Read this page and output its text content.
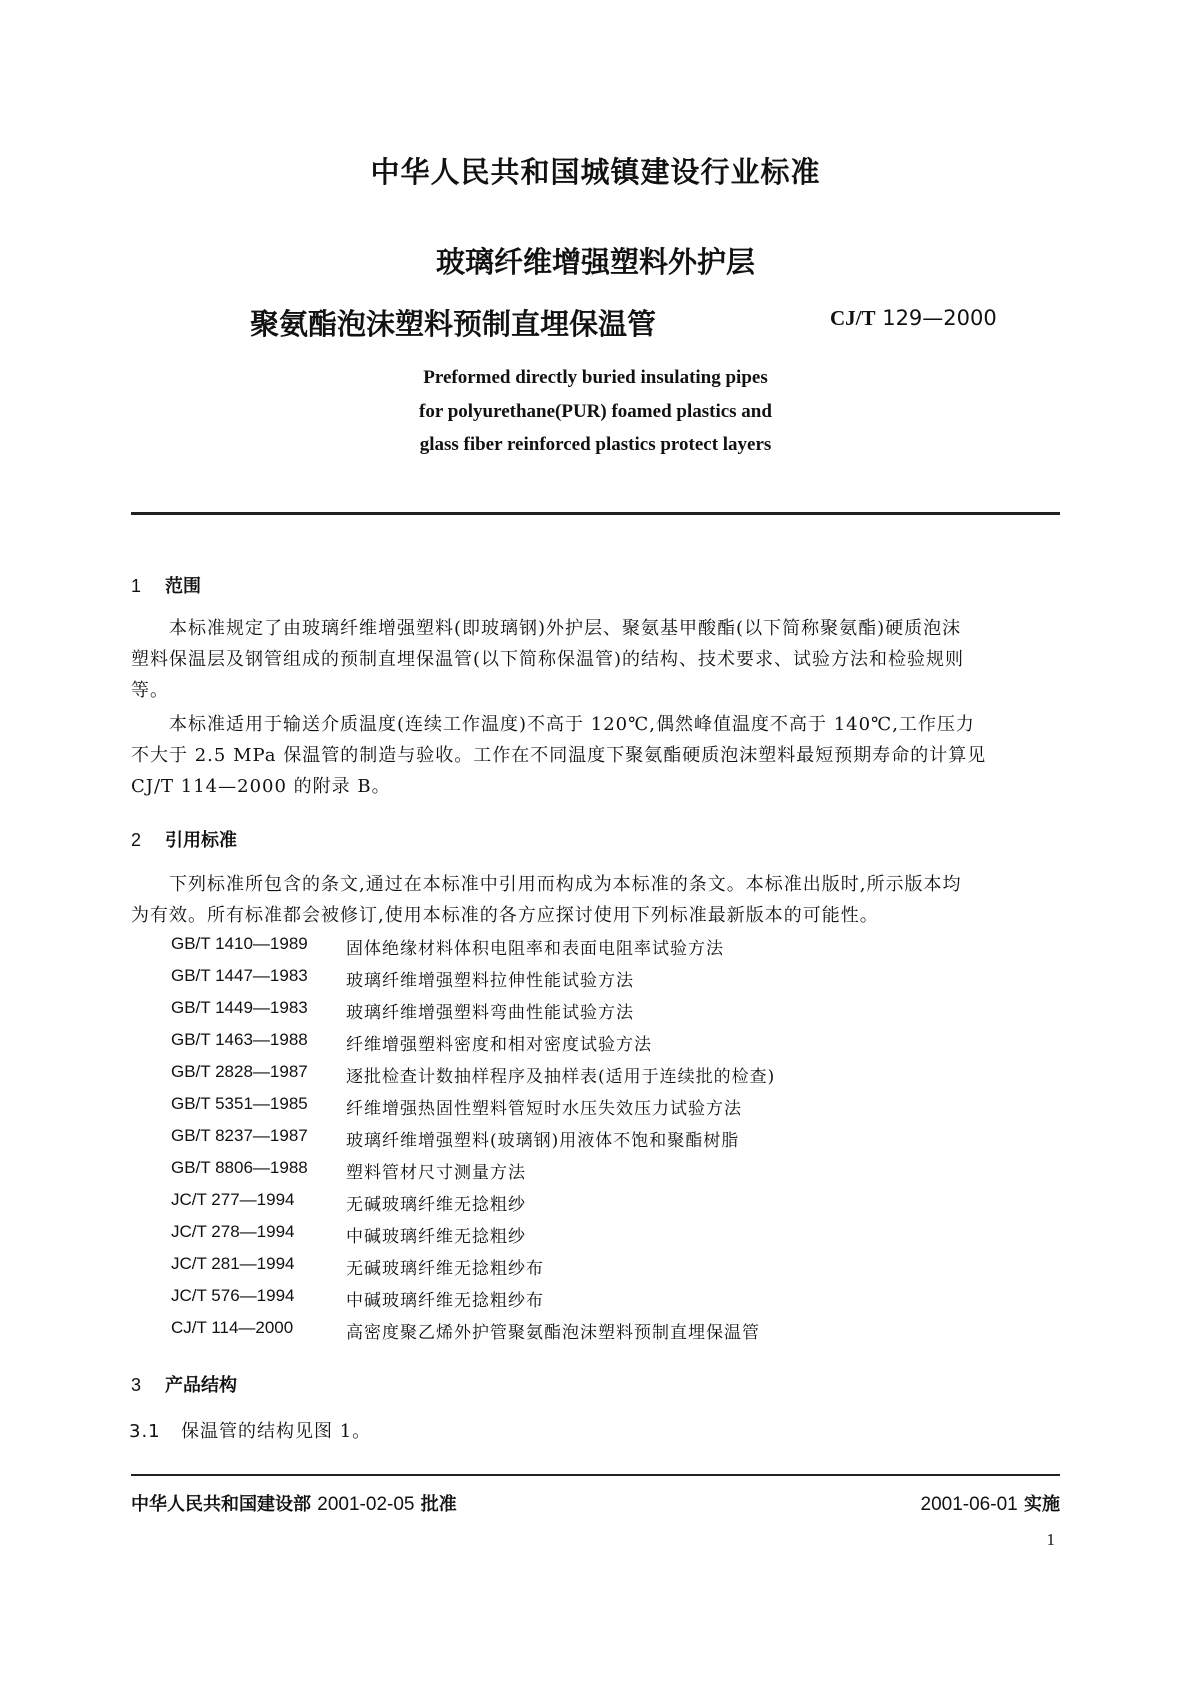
中华人民共和国城镇建设行业标准
玻璃纤维增强塑料外护层
聚氨酯泡沫塑料预制直埋保温管	CJ/T 129—2000
Preformed directly buried insulating pipes
for polyurethane(PUR) foamed plastics and
glass fiber reinforced plastics protect layers
1 范围
本标准规定了由玻璃纤维增强塑料(即玻璃钢)外护层、聚氨基甲酸酯(以下简称聚氨酯)硬质泡沫
塑料保温层及钢管组成的预制直埋保温管(以下简称保温管)的结构、技术要求、试验方法和检验规则
等。
本标准适用于输送介质温度(连续工作温度)不高于 120℃,偶然峰值温度不高于 140℃,工作压力
不大于 2.5 MPa 保温管的制造与验收。工作在不同温度下聚氨酯硬质泡沫塑料最短预期寿命的计算见
CJ/T 114—2000 的附录 B。
2 引用标准
下列标准所包含的条文,通过在本标准中引用而构成为本标准的条文。本标准出版时,所示版本均
为有效。所有标准都会被修订,使用本标准的各方应探讨使用下列标准最新版本的可能性。
GB/T 1410—1989 固体绝缘材料体积电阻率和表面电阻率试验方法
GB/T 1447—1983 玻璃纤维增强塑料拉伸性能试验方法
GB/T 1449—1983 玻璃纤维增强塑料弯曲性能试验方法
GB/T 1463—1988 纤维增强塑料密度和相对密度试验方法
GB/T 2828—1987 逐批检查计数抽样程序及抽样表(适用于连续批的检查)
GB/T 5351—1985 纤维增强热固性塑料管短时水压失效压力试验方法
GB/T 8237—1987 玻璃纤维增强塑料(玻璃钢)用液体不饱和聚酯树脂
GB/T 8806—1988 塑料管材尺寸测量方法
JC/T 277—1994	无碱玻璃纤维无捻粗纱
JC/T 278—1994	中碱玻璃纤维无捻粗纱
JC/T 281—1994	无碱玻璃纤维无捻粗纱布
JC/T 576—1994	中碱玻璃纤维无捻粗纱布
CJ/T 114—2000	高密度聚乙烯外护管聚氨酯泡沫塑料预制直埋保温管
3 产品结构
3.1 保温管的结构见图 1。
中华人民共和国建设部 2001-02-05 批准	2001-06-01 实施
1
